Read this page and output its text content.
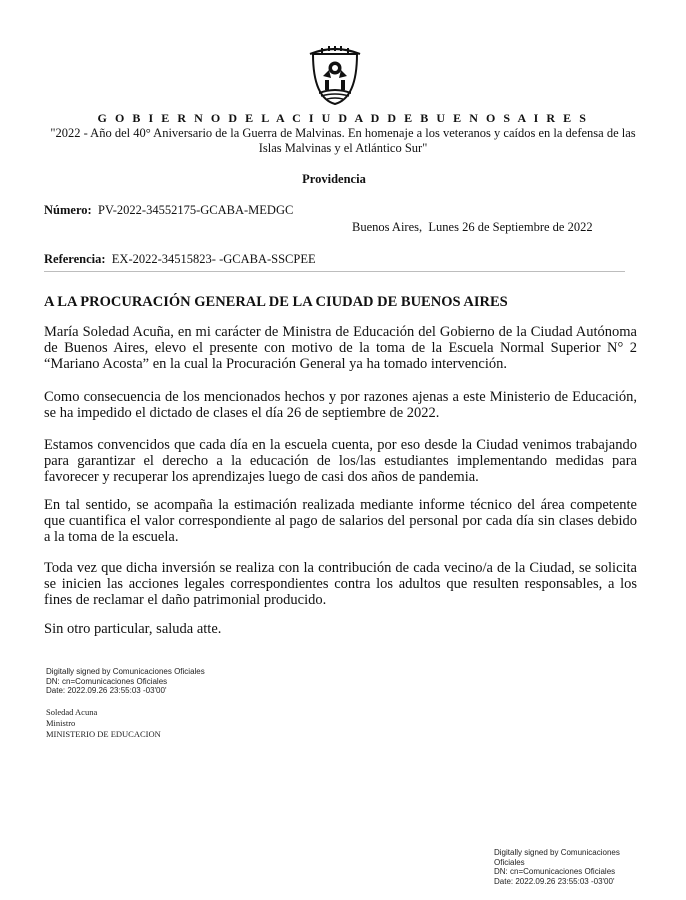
G O B I E R N O D E L A C I U D A D D E B U E N O S A I R E S
"2022 - Año del 40° Aniversario de la Guerra de Malvinas. En homenaje a los veteranos y caídos en la defensa de las Islas Malvinas y el Atlántico Sur"
Providencia
Número: PV-2022-34552175-GCABA-MEDGC
Buenos Aires, Lunes 26 de Septiembre de 2022
Referencia: EX-2022-34515823- -GCABA-SSCPEE
A LA PROCURACIÓN GENERAL DE LA CIUDAD DE BUENOS AIRES

María Soledad Acuña, en mi carácter de Ministra de Educación del Gobierno de la Ciudad Autónoma de Buenos Aires, elevo el presente con motivo de la toma de la Escuela Normal Superior N° 2 “Mariano Acosta” en la cual la Procuración General ya ha tomado intervención.

Como consecuencia de los mencionados hechos y por razones ajenas a este Ministerio de Educación, se ha impedido el dictado de clases el día 26 de septiembre de 2022.

Estamos convencidos que cada día en la escuela cuenta, por eso desde la Ciudad venimos trabajando para garantizar el derecho a la educación de los/las estudiantes implementando medidas para favorecer y recuperar los aprendizajes luego de casi dos años de pandemia.

En tal sentido, se acompaña la estimación realizada mediante informe técnico del área competente que cuantifica el valor correspondiente al pago de salarios del personal por cada día sin clases debido a la toma de la escuela.

Toda vez que dicha inversión se realiza con la contribución de cada vecino/a de la Ciudad, se solicita se inicien las acciones legales correspondientes contra los adultos que resulten responsables, a los fines de reclamar el daño patrimonial producido.

Sin otro particular, saluda atte.

Digitally signed by Comunicaciones Oficiales
DN: cn=Comunicaciones Oficiales
Date: 2022.09.26 23:55:03 -03'00'
Soledad Acuna
Ministro
MINISTERIO DE EDUCACION
Digitally signed by Comunicaciones
Oficiales
DN: cn=Comunicaciones Oficiales
Date: 2022.09.26 23:55:03 -03'00'
